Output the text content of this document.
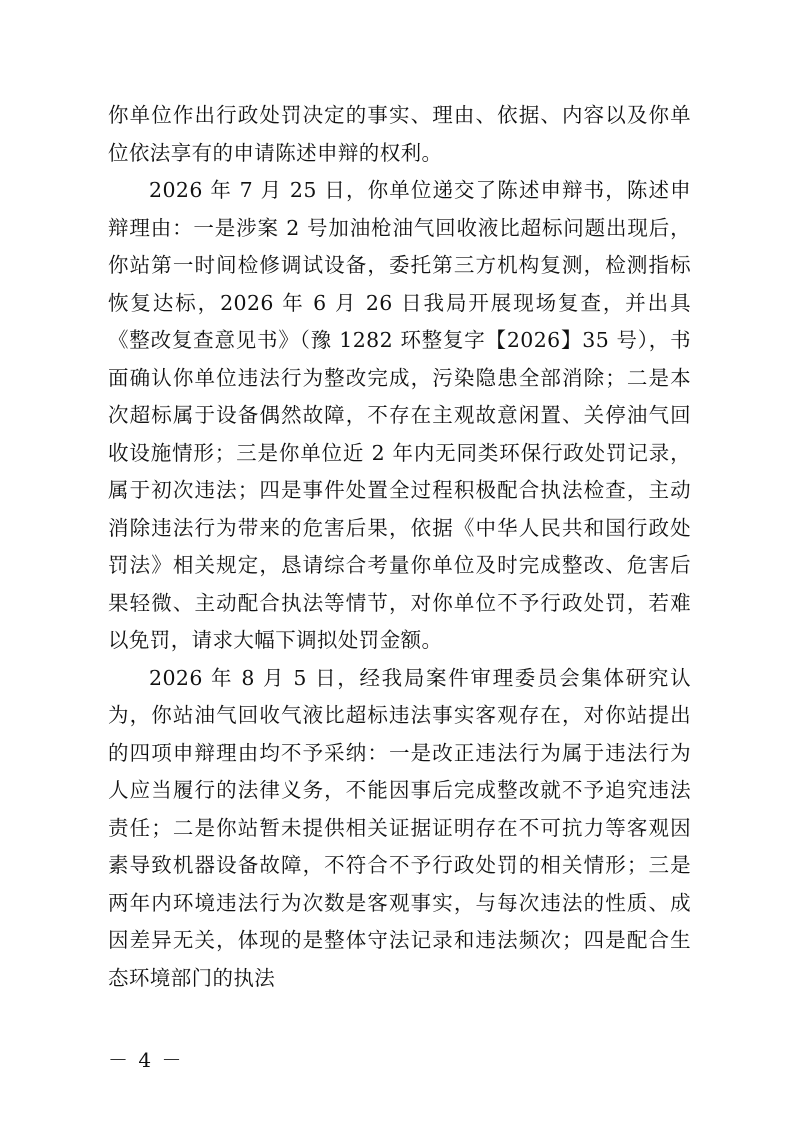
你单位作出行政处罚决定的事实、理由、依据、内容以及你单位依法享有的申请陈述申辩的权利。

2026 年 7 月 25 日，你单位递交了陈述申辩书，陈述申辩理由：一是涉案 2 号加油枪油气回收液比超标问题出现后，你站第一时间检修调试设备，委托第三方机构复测，检测指标恢复达标，2026 年 6 月 26 日我局开展现场复查，并出具《整改复查意见书》（豫 1282 环整复字【2026】35 号），书面确认你单位违法行为整改完成，污染隐患全部消除；二是本次超标属于设备偶然故障，不存在主观故意闲置、关停油气回收设施情形；三是你单位近 2 年内无同类环保行政处罚记录，属于初次违法；四是事件处置全过程积极配合执法检查，主动消除违法行为带来的危害后果，依据《中华人民共和国行政处罚法》相关规定，恳请综合考量你单位及时完成整改、危害后果轻微、主动配合执法等情节，对你单位不予行政处罚，若难以免罚，请求大幅下调拟处罚金额。

2026 年 8 月 5 日，经我局案件审理委员会集体研究认为，你站油气回收气液比超标违法事实客观存在，对你站提出的四项申辩理由均不予采纳：一是改正违法行为属于违法行为人应当履行的法律义务，不能因事后完成整改就不予追究违法责任；二是你站暂未提供相关证据证明存在不可抗力等客观因素导致机器设备故障，不符合不予行政处罚的相关情形；三是两年内环境违法行为次数是客观事实，与每次违法的性质、成因差异无关，体现的是整体守法记录和违法频次；四是配合生态环境部门的执法

－ 4 －
